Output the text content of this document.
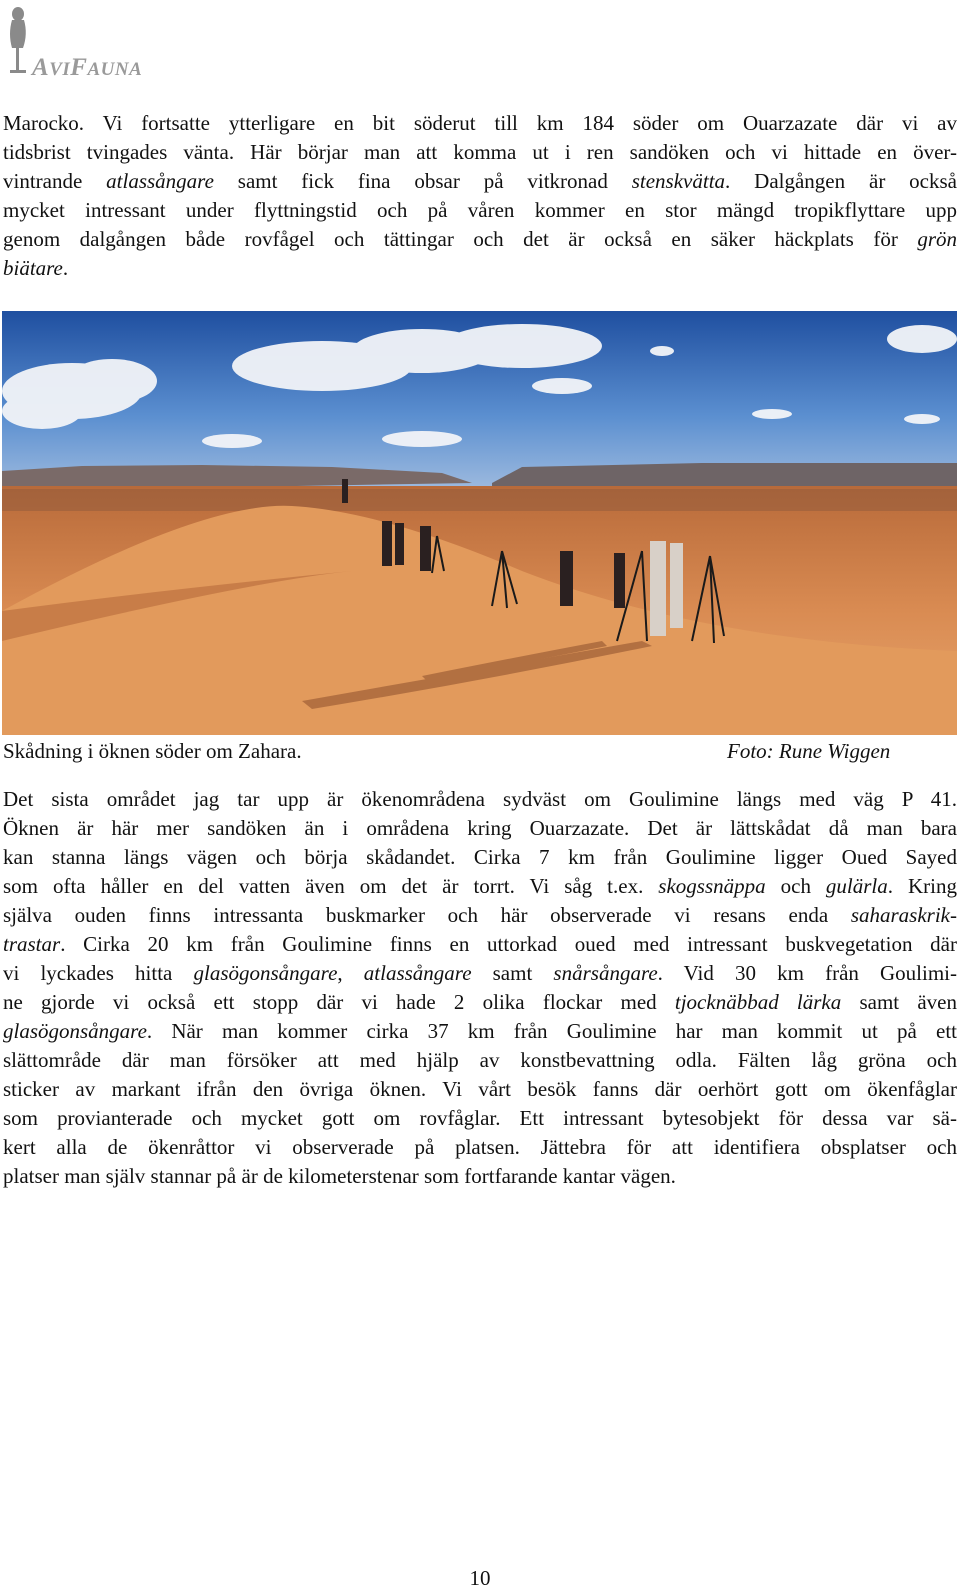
AVIFAUNA
Marocko. Vi fortsatte ytterligare en bit söderut till km 184 söder om Ouarzazate där vi av
tidsbrist tvingades vänta. Här börjar man att komma ut i ren sandöken och vi hittade en över-
vintrande atlassångare samt fick fina obsar på vitkronad stenskvätta. Dalgången är också
mycket intressant under flyttningstid och på våren kommer en stor mängd tropikflyttare upp
genom dalgången både rovfågel och tättingar och det är också en säker häckplats för grön
biätare.
Skådning i öknen söder om Zahara.	Foto: Rune Wiggen
Det sista området jag tar upp är ökenområdena sydväst om Goulimine längs med väg P 41.
Öknen är här mer sandöken än i områdena kring Ouarzazate. Det är lättskådat då man bara
kan stanna längs vägen och börja skådandet. Cirka 7 km från Goulimine ligger Oued Sayed
som ofta håller en del vatten även om det är torrt. Vi såg t.ex. skogssnäppa och gulärla. Kring
själva ouden finns intressanta buskmarker och här observerade vi resans enda saharaskrik-
trastar. Cirka 20 km från Goulimine finns en uttorkad oued med intressant buskvegetation där
vi lyckades hitta glasögonsångare, atlassångare samt snårsångare. Vid 30 km från Goulimi-
ne gjorde vi också ett stopp där vi hade 2 olika flockar med tjocknäbbad lärka samt även
glasögonsångare. När man kommer cirka 37 km från Goulimine har man kommit ut på ett
slättområde där man försöker att med hjälp av konstbevattning odla. Fälten låg gröna och
sticker av markant ifrån den övriga öknen. Vi vårt besök fanns där oerhört gott om ökenfåglar
som provianterade och mycket gott om rovfåglar. Ett intressant bytesobjekt för dessa var sä-
kert alla de ökenråttor vi observerade på platsen. Jättebra för att identifiera obsplatser och
platser man själv stannar på är de kilometerstenar som fortfarande kantar vägen.
10
